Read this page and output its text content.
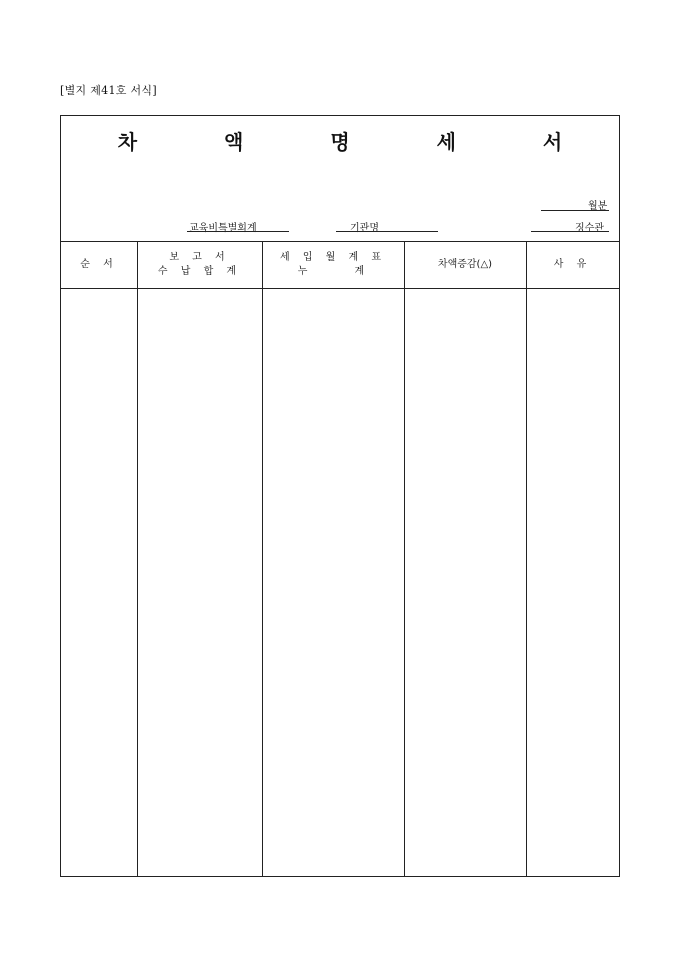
[별지 제41호 서식]
차 액 명 세 서
월분
징수관
교육비특별회계	기관명
순 서
보 고 서
수 납 합 계
세 입 월 계 표
누      계
차액증감(△)	사 유
